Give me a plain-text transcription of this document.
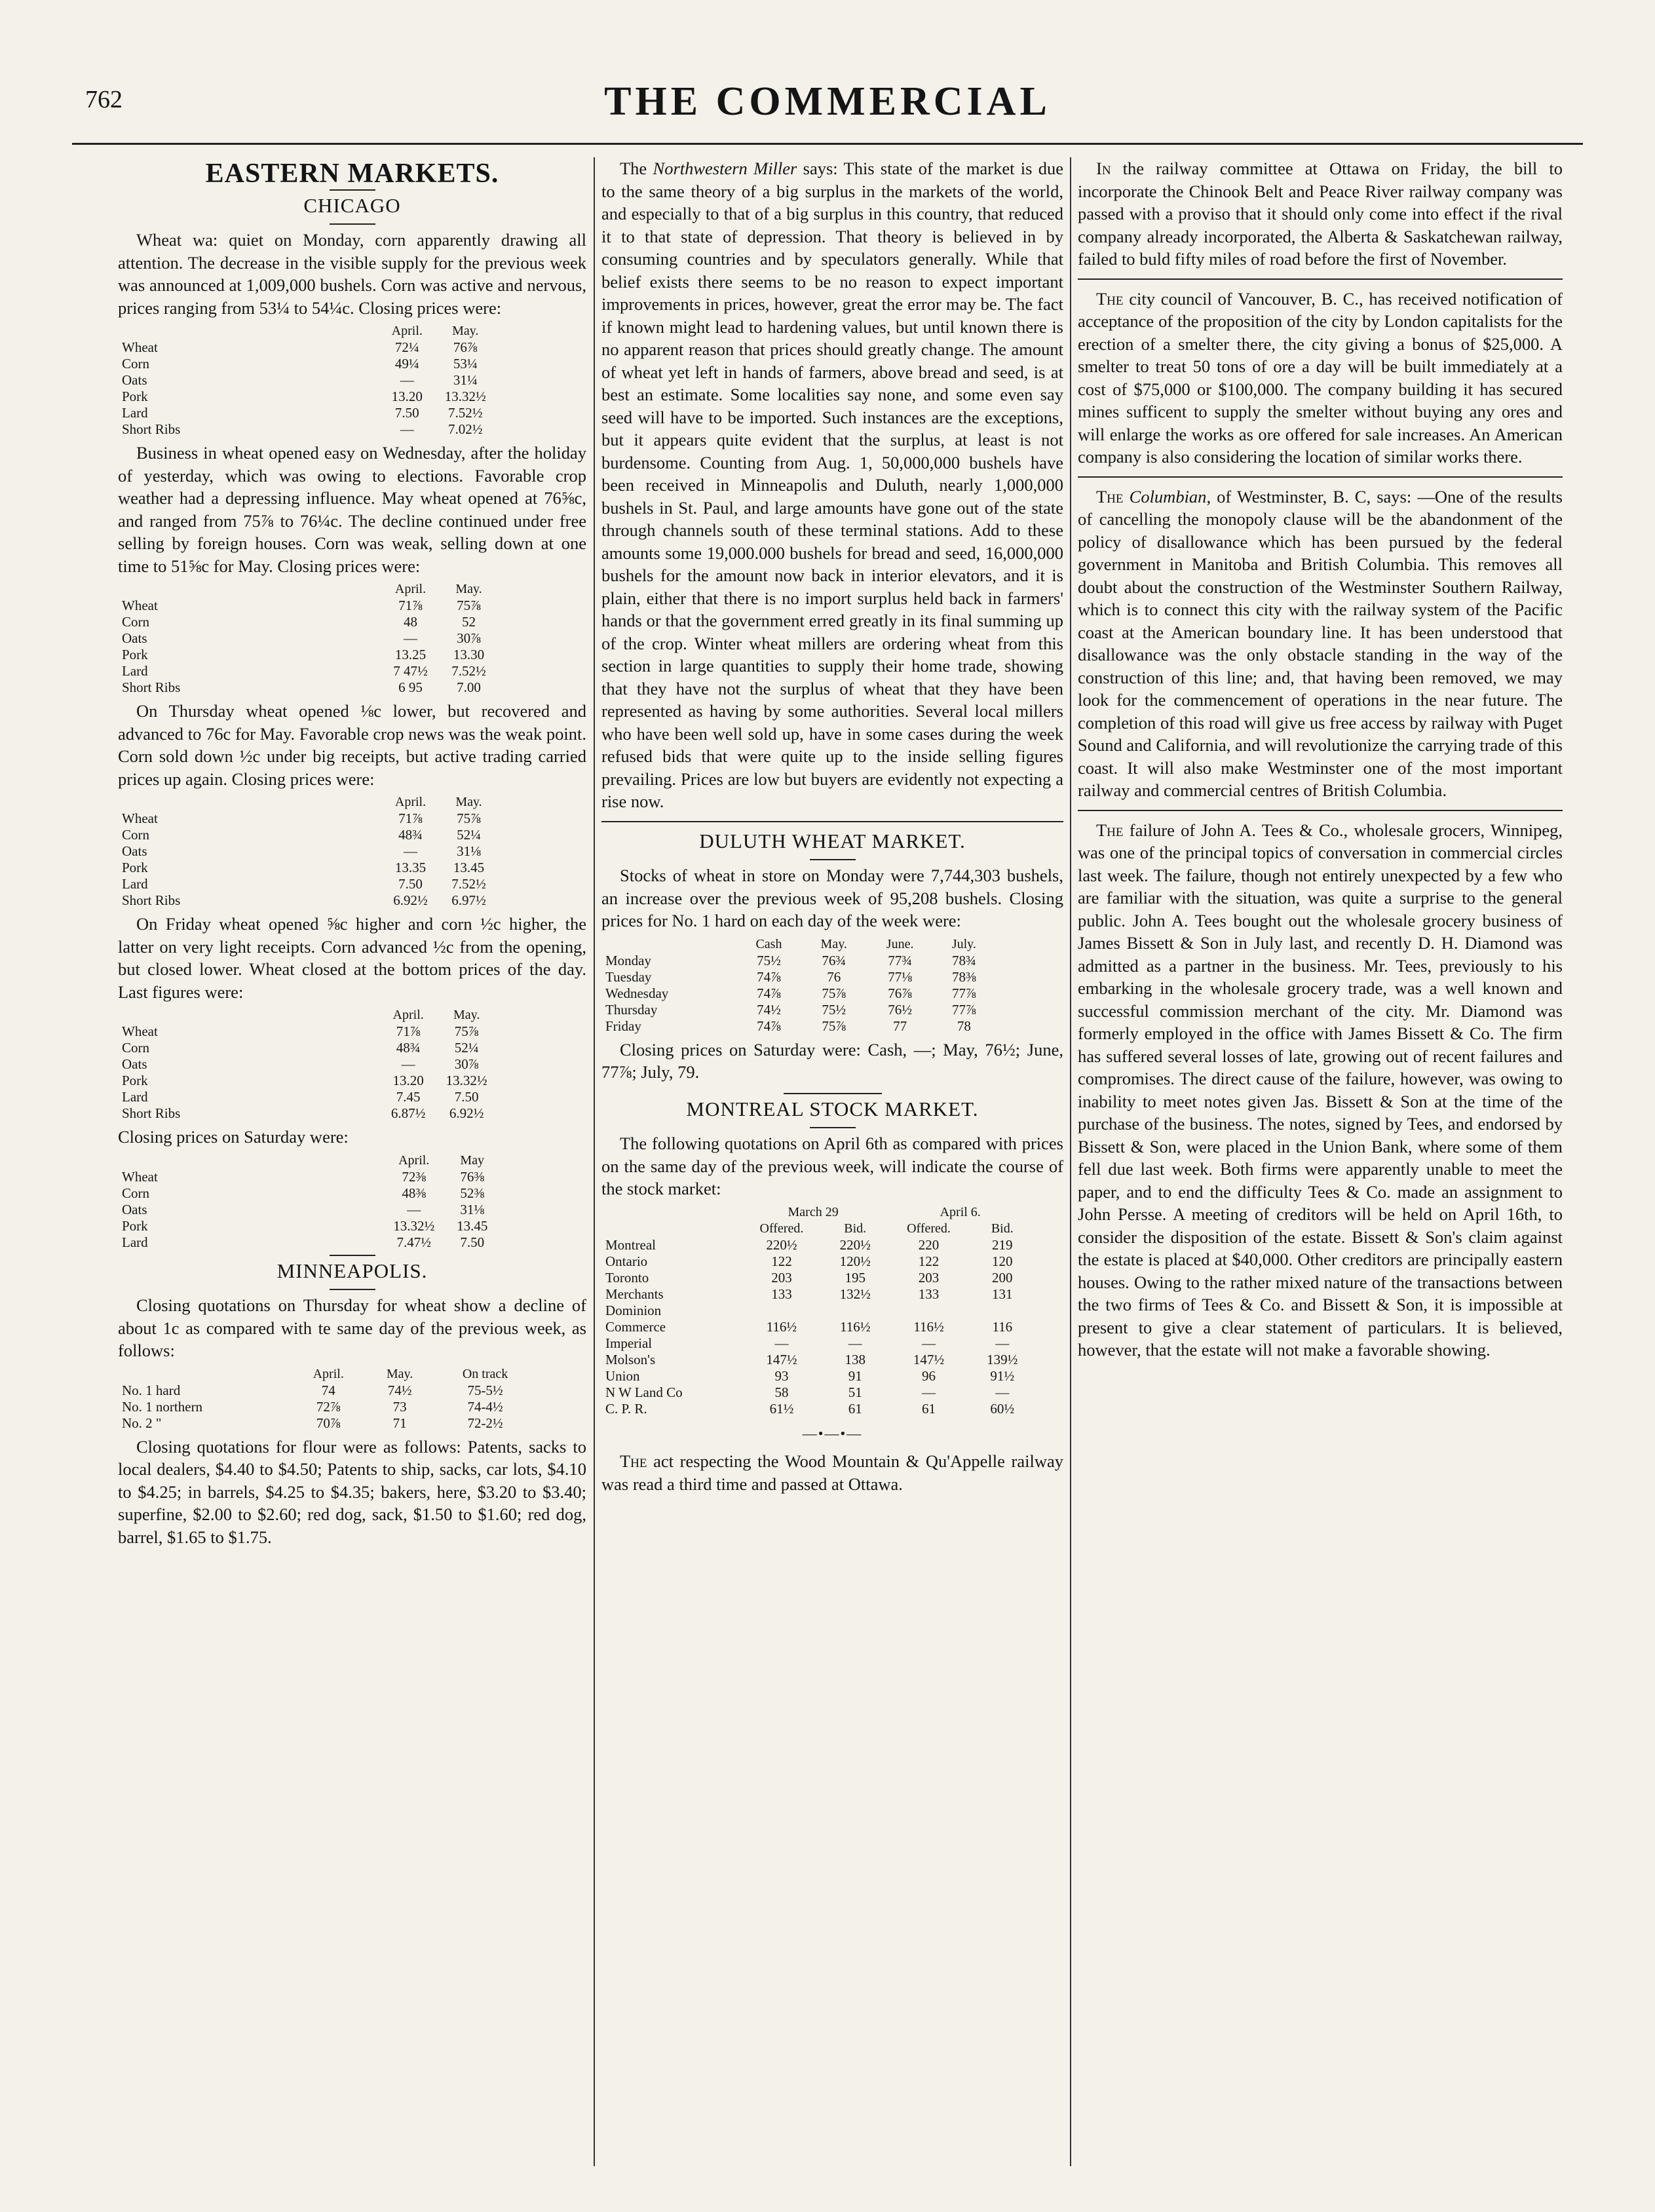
762	THE COMMERCIAL
EASTERN MARKETS.
CHICAGO

Wheat wa: quiet on Monday, corn apparently drawing all attention. The decrease in the visible supply for the previous week was announced at 1,009,000 bushels. Corn was active and nervous, prices ranging from 53¼ to 54¼c. Closing prices were:

	April.	May.
Wheat	72¼	76⅞
Corn	49¼	53¼
Oats	—	31¼
Pork	13.20	13.32½
Lard	7.50	7.52½
Short Ribs	—	7.02½

Business in wheat opened easy on Wednesday, after the holiday of yesterday, which was owing to elections. Favorable crop weather had a depressing influence. May wheat opened at 76⅝c, and ranged from 75⅞ to 76¼c. The decline continued under free selling by foreign houses. Corn was weak, selling down at one time to 51⅝c for May. Closing prices were:

	April.	May.
Wheat	71⅞	75⅞
Corn	48	52
Oats	—	30⅞
Pork	13.25	13.30
Lard	7 47½	7.52½
Short Ribs	6 95	7.00

On Thursday wheat opened ⅛c lower, but recovered and advanced to 76c for May. Favorable crop news was the weak point. Corn sold down ½c under big receipts, but active trading carried prices up again. Closing prices were:

	April.	May.
Wheat	71⅞	75⅞
Corn	48¾	52¼
Oats	—	31⅛
Pork	13.35	13.45
Lard	7.50	7.52½
Short Ribs	6.92½	6.97½

On Friday wheat opened ⅝c higher and corn ½c higher, the latter on very light receipts. Corn advanced ½c from the opening, but closed lower. Wheat closed at the bottom prices of the day. Last figures were:

	April.	May.
Wheat	71⅞	75⅞
Corn	48¾	52¼
Oats	—	30⅞
Pork	13.20	13.32½
Lard	7.45	7.50
Short Ribs	6.87½	6.92½

Closing prices on Saturday were:

	April.	May
Wheat	72⅜	76⅜
Corn	48⅜	52⅜
Oats	—	31⅛
Pork	13.32½	13.45
Lard	7.47½	7.50
MINNEAPOLIS.

Closing quotations on Thursday for wheat show a decline of about 1c as compared with te same day of the previous week, as follows:

	April.	May.	On track
No. 1 hard	74	74½	75-5½
No. 1 northern	72⅞	73	74-4½
No. 2 "	70⅞	71	72-2½

Closing quotations for flour were as follows: Patents, sacks to local dealers, $4.40 to $4.50; Patents to ship, sacks, car lots, $4.10 to $4.25; in barrels, $4.25 to $4.35; bakers, here, $3.20 to $3.40; superfine, $2.00 to $2.60; red dog, sack, $1.50 to $1.60; red dog, barrel, $1.65 to $1.75.

The Northwestern Miller says: This state of the market is due to the same theory of a big surplus in the markets of the world, and especially to that of a big surplus in this country, that reduced it to that state of depression. That theory is believed in by consuming countries and by speculators generally. While that belief exists there seems to be no reason to expect important improvements in prices, however, great the error may be. The fact if known might lead to hardening values, but until known there is no apparent reason that prices should greatly change. The amount of wheat yet left in hands of farmers, above bread and seed, is at best an estimate. Some localities say none, and some even say seed will have to be imported. Such instances are the exceptions, but it appears quite evident that the surplus, at least is not burdensome. Counting from Aug. 1, 50,000,000 bushels have been received in Minneapolis and Duluth, nearly 1,000,000 bushels in St. Paul, and large amounts have gone out of the state through channels south of these terminal stations. Add to these amounts some 19,000.000 bushels for bread and seed, 16,000,000 bushels for the amount now back in interior elevators, and it is plain, either that there is no import surplus held back in farmers' hands or that the government erred greatly in its final summing up of the crop. Winter wheat millers are ordering wheat from this section in large quantities to supply their home trade, showing that they have not the surplus of wheat that they have been represented as having by some authorities. Several local millers who have been well sold up, have in some cases during the week refused bids that were quite up to the inside selling figures prevailing. Prices are low but buyers are evidently not expecting a rise now.

DULUTH WHEAT MARKET.

Stocks of wheat in store on Monday were 7,744,303 bushels, an increase over the previous week of 95,208 bushels. Closing prices for No. 1 hard on each day of the week were:

	Cash	May.	June.	July.
Monday	75½	76¾	77¾	78¾
Tuesday	74⅞	76	77⅛	78⅜
Wednesday	74⅞	75⅞	76⅞	77⅞
Thursday	74½	75½	76½	77⅞
Friday	74⅞	75⅞	77	78

Closing prices on Saturday were: Cash, —; May, 76½; June, 77⅞; July, 79.

MONTREAL STOCK MARKET.

The following quotations on April 6th as compared with prices on the same day of the previous week, will indicate the course of the stock market:

	March 29		April 6.	
	Offered.	Bid.	Offered.	Bid.
Montreal	220½	220½	220	219
Ontario	122	120½	122	120
Toronto	203	195	203	200
Merchants	133	132½	133	131
Dominion				
Commerce	116½	116½	116½	116
Imperial	—	—	—	—
Molson's	147½	138	147½	139½
Union	93	91	96	91½
N W Land Co	58	51	—	—
C. P. R.	61½	61	61	60½
—•—•—

The act respecting the Wood Mountain & Qu'Appelle railway was read a third time and passed at Ottawa.

In the railway committee at Ottawa on Friday, the bill to incorporate the Chinook Belt and Peace River railway company was passed with a proviso that it should only come into effect if the rival company already incorporated, the Alberta & Saskatchewan railway, failed to buld fifty miles of road before the first of November.

The city council of Vancouver, B. C., has received notification of acceptance of the proposition of the city by London capitalists for the erection of a smelter there, the city giving a bonus of $25,000. A smelter to treat 50 tons of ore a day will be built immediately at a cost of $75,000 or $100,000. The company building it has secured mines sufficent to supply the smelter without buying any ores and will enlarge the works as ore offered for sale increases. An American company is also considering the location of similar works there.

The Columbian, of Westminster, B. C, says: —One of the results of cancelling the monopoly clause will be the abandonment of the policy of disallowance which has been pursued by the federal government in Manitoba and British Columbia. This removes all doubt about the construction of the Westminster Southern Railway, which is to connect this city with the railway system of the Pacific coast at the American boundary line. It has been understood that disallowance was the only obstacle standing in the way of the construction of this line; and, that having been removed, we may look for the commencement of operations in the near future. The completion of this road will give us free access by railway with Puget Sound and California, and will revolutionize the carrying trade of this coast. It will also make Westminster one of the most important railway and commercial centres of British Columbia.

The failure of John A. Tees & Co., wholesale grocers, Winnipeg, was one of the principal topics of conversation in commercial circles last week. The failure, though not entirely unexpected by a few who are familiar with the situation, was quite a surprise to the general public. John A. Tees bought out the wholesale grocery business of James Bissett & Son in July last, and recently D. H. Diamond was admitted as a partner in the business. Mr. Tees, previously to his embarking in the wholesale grocery trade, was a well known and successful commission merchant of the city. Mr. Diamond was formerly employed in the office with James Bissett & Co. The firm has suffered several losses of late, growing out of recent failures and compromises. The direct cause of the failure, however, was owing to inability to meet notes given Jas. Bissett & Son at the time of the purchase of the business. The notes, signed by Tees, and endorsed by Bissett & Son, were placed in the Union Bank, where some of them fell due last week. Both firms were apparently unable to meet the paper, and to end the difficulty Tees & Co. made an assignment to John Persse. A meeting of creditors will be held on April 16th, to consider the disposition of the estate. Bissett & Son's claim against the estate is placed at $40,000. Other creditors are principally eastern houses. Owing to the rather mixed nature of the transactions between the two firms of Tees & Co. and Bissett & Son, it is impossible at present to give a clear statement of particulars. It is believed, however, that the estate will not make a favorable showing.
